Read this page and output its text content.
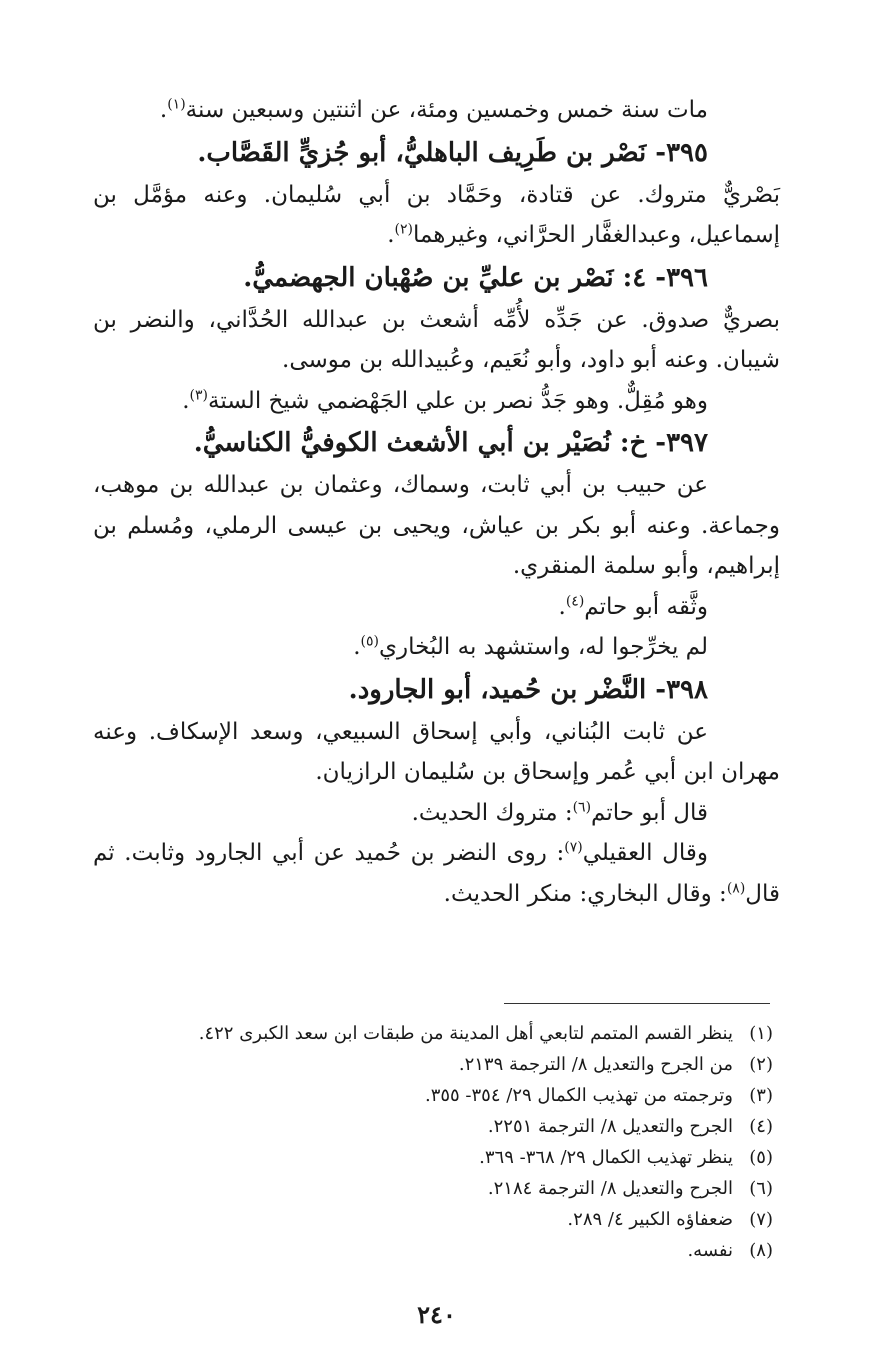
مات سنة خمس وخمسين ومئة، عن اثنتين وسبعين سنة$^{(١)}$.

٣٩٥- نَصْر بن طَرِيف الباهليُّ، أبو جُزيٍّ القَصَّاب.

بَصْريٌّ متروك. عن قتادة، وحَمَّاد بن أبي سُليمان. وعنه مؤمَّل بن إسماعيل، وعبدالغفَّار الحرَّاني، وغيرهما$^{(٢)}$.

٣٩٦- ٤: نَصْر بن عليِّ بن صُهْبان الجهضميُّ.

بصريٌّ صدوق. عن جَدِّه لأُمِّه أشعث بن عبدالله الحُدَّاني، والنضر بن شيبان. وعنه أبو داود، وأبو نُعَيم، وعُبيدالله بن موسى.

وهو مُقِلٌّ. وهو جَدُّ نصر بن علي الجَهْضمي شيخ الستة$^{(٣)}$.

٣٩٧- خ: نُصَيْر بن أبي الأشعث الكوفيُّ الكناسيُّ.

عن حبيب بن أبي ثابت، وسماك، وعثمان بن عبدالله بن موهب، وجماعة. وعنه أبو بكر بن عياش، ويحيى بن عيسى الرملي، ومُسلم بن إبراهيم، وأبو سلمة المنقري.

وثَّقه أبو حاتم$^{(٤)}$.

لم يخرِّجوا له، واستشهد به البُخاري$^{(٥)}$.

٣٩٨- النَّضْر بن حُميد، أبو الجارود.

عن ثابت البُناني، وأبي إسحاق السبيعي، وسعد الإسكاف. وعنه مهران ابن أبي عُمر وإسحاق بن سُليمان الرازيان.

قال أبو حاتم$^{(٦)}$: متروك الحديث.

وقال العقيلي$^{(٧)}$: روى النضر بن حُميد عن أبي الجارود وثابت. ثم قال$^{(٨)}$: وقال البخاري: منكر الحديث.

(١)
ينظر القسم المتمم لتابعي أهل المدينة من طبقات ابن سعد الكبرى ٤٢٢.
(٢)
من الجرح والتعديل ٨/ الترجمة ٢١٣٩.
(٣)
وترجمته من تهذيب الكمال ٢٩/ ٣٥٤- ٣٥٥.
(٤)
الجرح والتعديل ٨/ الترجمة ٢٢٥١.
(٥)
ينظر تهذيب الكمال ٢٩/ ٣٦٨- ٣٦٩.
(٦)
الجرح والتعديل ٨/ الترجمة ٢١٨٤.
(٧)
ضعفاؤه الكبير ٤/ ٢٨٩.
(٨)
نفسه.
٢٤٠
